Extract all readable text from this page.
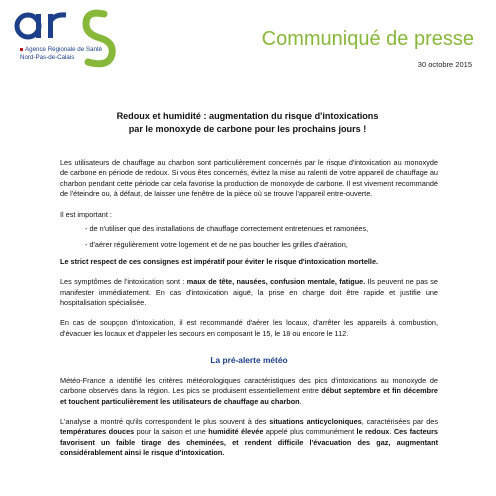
Agence Régionale de Santé
Nord-Pas-de-Calais
Communiqué de presse
30 octobre 2015
Redoux et humidité : augmentation du risque d'intoxications
par le monoxyde de carbone pour les prochains jours !

Les utilisateurs de chauffage au charbon sont particulièrement concernés par le risque d'intoxication au monoxyde de carbone en période de redoux. Si vous êtes concernés, évitez la mise au ralenti de votre appareil de chauffage au charbon pendant cette période car cela favorise la production de monoxyde de carbone. Il est vivement recommandé de l'éteindre ou, à défaut, de laisser une fenêtre de la pièce où se trouve l'appareil entre-ouverte.

Il est important :

- de n'utiliser que des installations de chauffage correctement entretenues et ramonées,
- d'aérer régulièrement votre logement et de ne pas boucher les grilles d'aération,

Le strict respect de ces consignes est impératif pour éviter le risque d'intoxication mortelle.

Les symptômes de l'intoxication sont : maux de tête, nausées, confusion mentale, fatigue. Ils peuvent ne pas se manifester immédiatement. En cas d'intoxication aiguë, la prise en charge doit être rapide et justifie une hospitalisation spécialisée.

En cas de soupçon d'intoxication, il est recommandé d'aérer les locaux, d'arrêter les appareils à combustion, d'évacuer les locaux et d'appeler les secours en composant le 15, le 18 ou encore le 112.

La pré-alerte météo

Météo-France a identifié les critères météorologiques caractéristiques des pics d'intoxications au monoxyde de carbone observés dans la région. Les pics se produisent essentiellement entre début septembre et fin décembre et touchent particulièrement les utilisateurs de chauffage au charbon.

L'analyse a montré qu'ils correspondent le plus souvent à des situations anticycloniques, caractérisées par des températures douces pour la saison et une humidité élevée appelé plus communément le redoux. Ces facteurs favorisent un faible tirage des cheminées, et rendent difficile l'évacuation des gaz, augmentant considérablement ainsi le risque d'intoxication.
